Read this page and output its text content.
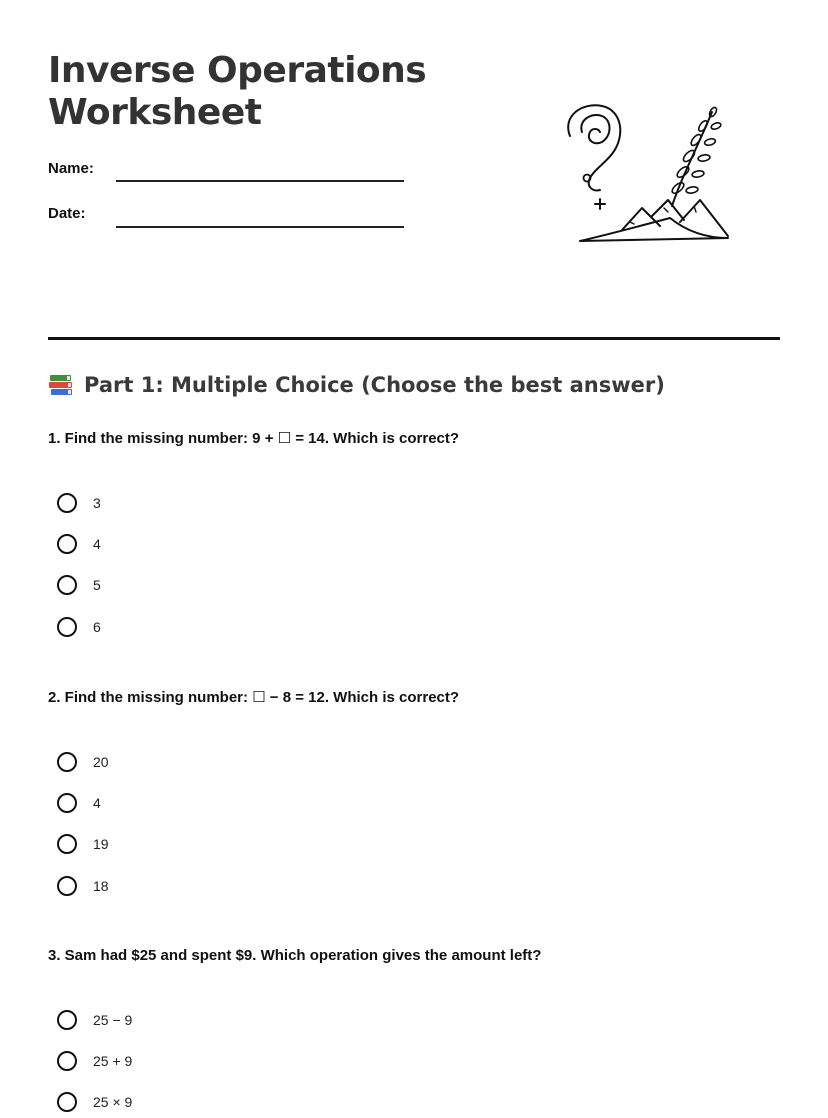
Inverse Operations
Worksheet
Name:
Date:
Part 1: Multiple Choice (Choose the best answer)
1. Find the missing number: 9 + ☐ = 14. Which is correct?
3
4
5
6
2. Find the missing number: ☐ − 8 = 12. Which is correct?
20
4
19
18
3. Sam had $25 and spent $9. Which operation gives the amount left?
25 − 9
25 + 9
25 × 9
